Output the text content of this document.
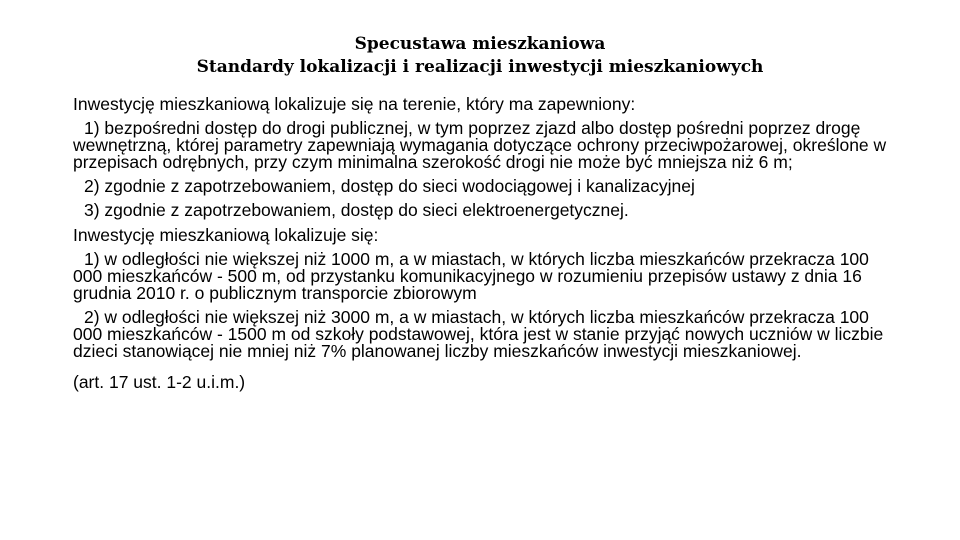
Specustawa mieszkaniowa
Standardy lokalizacji i realizacji inwestycji mieszkaniowych
Inwestycję mieszkaniową lokalizuje się na terenie, który ma zapewniony:
1) bezpośredni dostęp do drogi publicznej, w tym poprzez zjazd albo dostęp pośredni poprzez drogę wewnętrzną, której parametry zapewniają wymagania dotyczące ochrony przeciwpożarowej, określone w przepisach odrębnych, przy czym minimalna szerokość drogi nie może być mniejsza niż 6 m;
2) zgodnie z zapotrzebowaniem, dostęp do sieci wodociągowej i kanalizacyjnej
3) zgodnie z zapotrzebowaniem, dostęp do sieci elektroenergetycznej.
Inwestycję mieszkaniową lokalizuje się:
1) w odległości nie większej niż 1000 m, a w miastach, w których liczba mieszkańców przekracza 100 000 mieszkańców - 500 m, od przystanku komunikacyjnego w rozumieniu przepisów ustawy z dnia 16 grudnia 2010 r. o publicznym transporcie zbiorowym
2) w odległości nie większej niż 3000 m, a w miastach, w których liczba mieszkańców przekracza 100 000 mieszkańców - 1500 m od szkoły podstawowej, która jest w stanie przyjąć nowych uczniów w liczbie dzieci stanowiącej nie mniej niż 7% planowanej liczby mieszkańców inwestycji mieszkaniowej.
(art. 17 ust. 1-2 u.i.m.)
